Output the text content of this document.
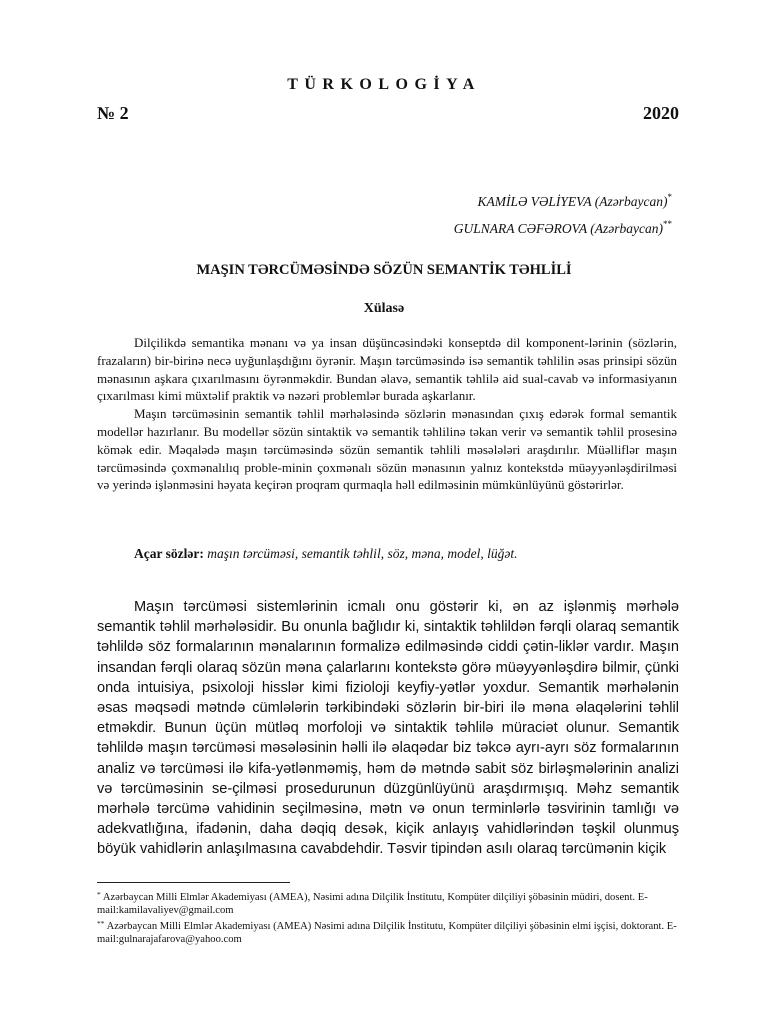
TÜRKOLOGİYA
№ 2	2020
KAMİLƏ VƏLİYEVA (Azərbaycan)*
GULNARA CƏFƏROVA (Azərbaycan)**
MAŞIN TƏRCÜMƏSİNDƏ SÖZÜN SEMANTİK TƏHLİLİ
Xülasə

Dilçilikdə semantika mənanı və ya insan düşüncəsindəki konseptdə dil komponent-lərinin (sözlərin, frazaların) bir-birinə necə uyğunlaşdığını öyrənir. Maşın tərcüməsində isə semantik təhlilin əsas prinsipi sözün mənasının aşkara çıxarılmasını öyrənməkdir. Bundan əlavə, semantik təhlilə aid sual-cavab və informasiyanın çıxarılması kimi müxtəlif praktik və nəzəri problemlər burada aşkarlanır.

Maşın tərcüməsinin semantik təhlil mərhələsində sözlərin mənasından çıxış edərək formal semantik modellər hazırlanır. Bu modellər sözün sintaktik və semantik təhlilinə təkan verir və semantik təhlil prosesinə kömək edir. Məqalədə maşın tərcüməsində sözün semantik təhlili məsələləri araşdırılır. Müəlliflər maşın tərcüməsində çoxmənalılıq proble-minin çoxmənalı sözün mənasının yalnız kontekstdə müəyyənləşdirilməsi və yerində işlənməsini həyata keçirən proqram qurmaqla həll edilməsinin mümkünlüyünü göstərirlər.

Açar sözlər: maşın tərcüməsi, semantik təhlil, söz, məna, model, lüğət.

Maşın tərcüməsi sistemlərinin icmalı onu göstərir ki, ən az işlənmiş mərhələ semantik təhlil mərhələsidir. Bu onunla bağlıdır ki, sintaktik təhlildən fərqli olaraq semantik təhlildə söz formalarının mənalarının formalizə edilməsində ciddi çətin-liklər vardır. Maşın insandan fərqli olaraq sözün məna çalarlarını kontekstə görə müəyyənləşdirə bilmir, çünki onda intuisiya, psixoloji hisslər kimi fizioloji keyfiy-yətlər yoxdur. Semantik mərhələnin əsas məqsədi mətndə cümlələrin tərkibindəki sözlərin bir-biri ilə məna əlaqələrini təhlil etməkdir. Bunun üçün mütləq morfoloji və sintaktik təhlilə müraciət olunur. Semantik təhlildə maşın tərcüməsi məsələsinin həlli ilə əlaqədar biz təkcə ayrı-ayrı söz formalarının analiz və tərcüməsi ilə kifa-yətlənməmiş, həm də mətndə sabit söz birləşmələrinin analizi və tərcüməsinin se-çilməsi prosedurunun düzgünlüyünü araşdırmışıq. Məhz semantik mərhələ tərcümə vahidinin seçilməsinə, mətn və onun terminlərlə təsvirinin tamlığı və adekvatlığına, ifadənin, daha dəqiq desək, kiçik anlayış vahidlərindən təşkil olunmuş böyük vahidlərin anlaşılmasına cavabdehdir. Təsvir tipindən asılı olaraq tərcümənin kiçik

* Azərbaycan Milli Elmlər Akademiyası (AMEA), Nəsimi adına Dilçilik İnstitutu, Kompüter dilçiliyi şöbəsinin müdiri, dosent. E-mail:kamilavaliyev@gmail.com

** Azərbaycan Milli Elmlər Akademiyası (AMEA) Nəsimi adına Dilçilik İnstitutu, Kompüter dilçiliyi şöbəsinin elmi işçisi, doktorant. E-mail:gulnarajafarova@yahoo.com
